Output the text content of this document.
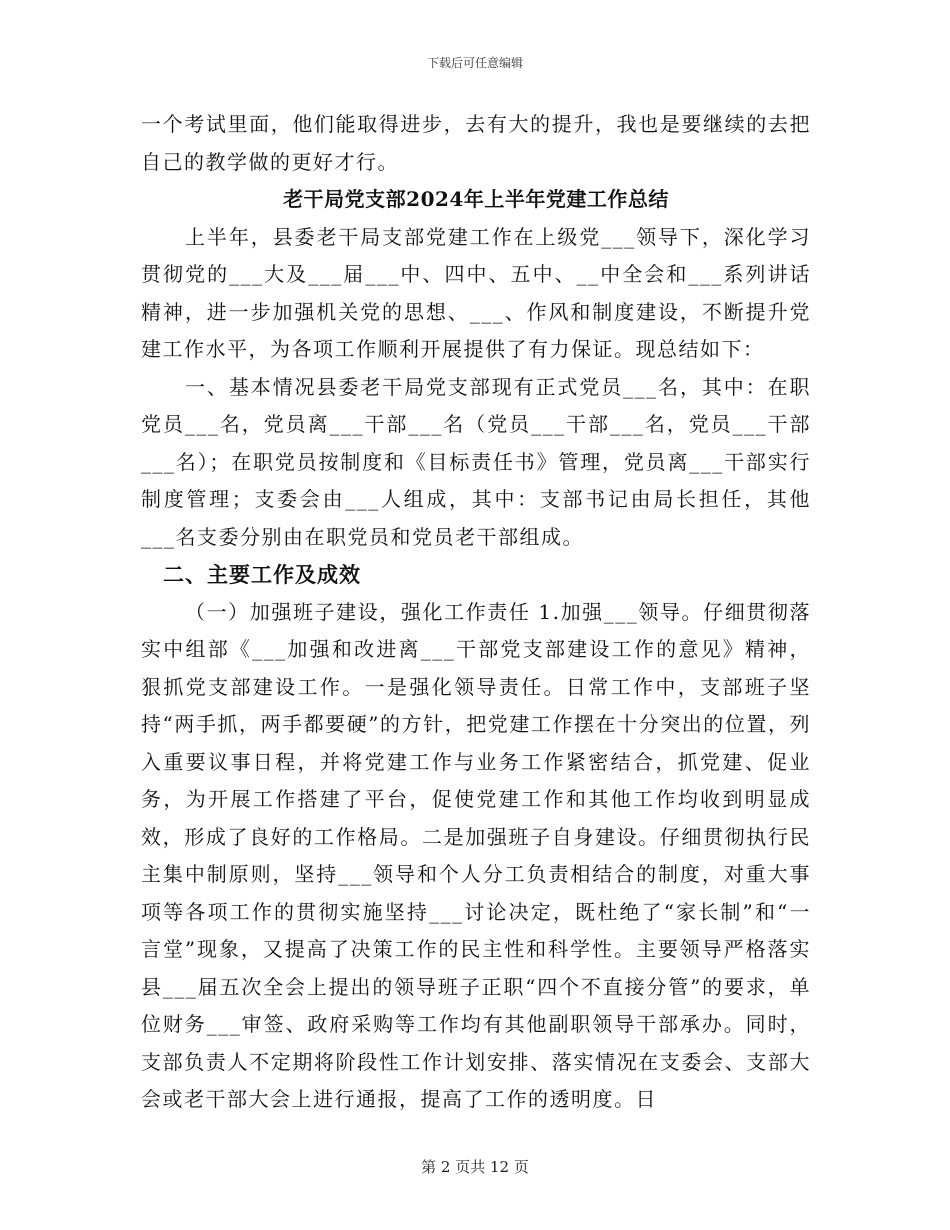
下载后可任意编辑

一个考试里面，他们能取得进步，去有大的提升，我也是要继续的去把自己的教学做的更好才行。

老干局党支部2024年上半年党建工作总结

上半年，县委老干局支部党建工作在上级党___领导下，深化学习贯彻党的___大及___届___中、四中、五中、__中全会和___系列讲话精神，进一步加强机关党的思想、___、作风和制度建设，不断提升党建工作水平，为各项工作顺利开展提供了有力保证。现总结如下：

一、基本情况县委老干局党支部现有正式党员___名，其中：在职党员___名，党员离___干部___名（党员___干部___名，党员___干部___名）；在职党员按制度和《目标责任书》管理，党员离___干部实行制度管理；支委会由___人组成，其中：支部书记由局长担任，其他___名支委分别由在职党员和党员老干部组成。

二、主要工作及成效

（一）加强班子建设，强化工作责任 1.加强___领导。仔细贯彻落实中组部《___加强和改进离___干部党支部建设工作的意见》精神，狠抓党支部建设工作。一是强化领导责任。日常工作中，支部班子坚持“两手抓，两手都要硬”的方针，把党建工作摆在十分突出的位置，列入重要议事日程，并将党建工作与业务工作紧密结合，抓党建、促业务，为开展工作搭建了平台，促使党建工作和其他工作均收到明显成效，形成了良好的工作格局。二是加强班子自身建设。仔细贯彻执行民主集中制原则，坚持___领导和个人分工负责相结合的制度，对重大事项等各项工作的贯彻实施坚持___讨论决定，既杜绝了“家长制”和“一言堂”现象，又提高了决策工作的民主性和科学性。主要领导严格落实县___届五次全会上提出的领导班子正职“四个不直接分管”的要求，单位财务___审签、政府采购等工作均有其他副职领导干部承办。同时，支部负责人不定期将阶段性工作计划安排、落实情况在支委会、支部大会或老干部大会上进行通报，提高了工作的透明度。日

第 2 页共 12 页
